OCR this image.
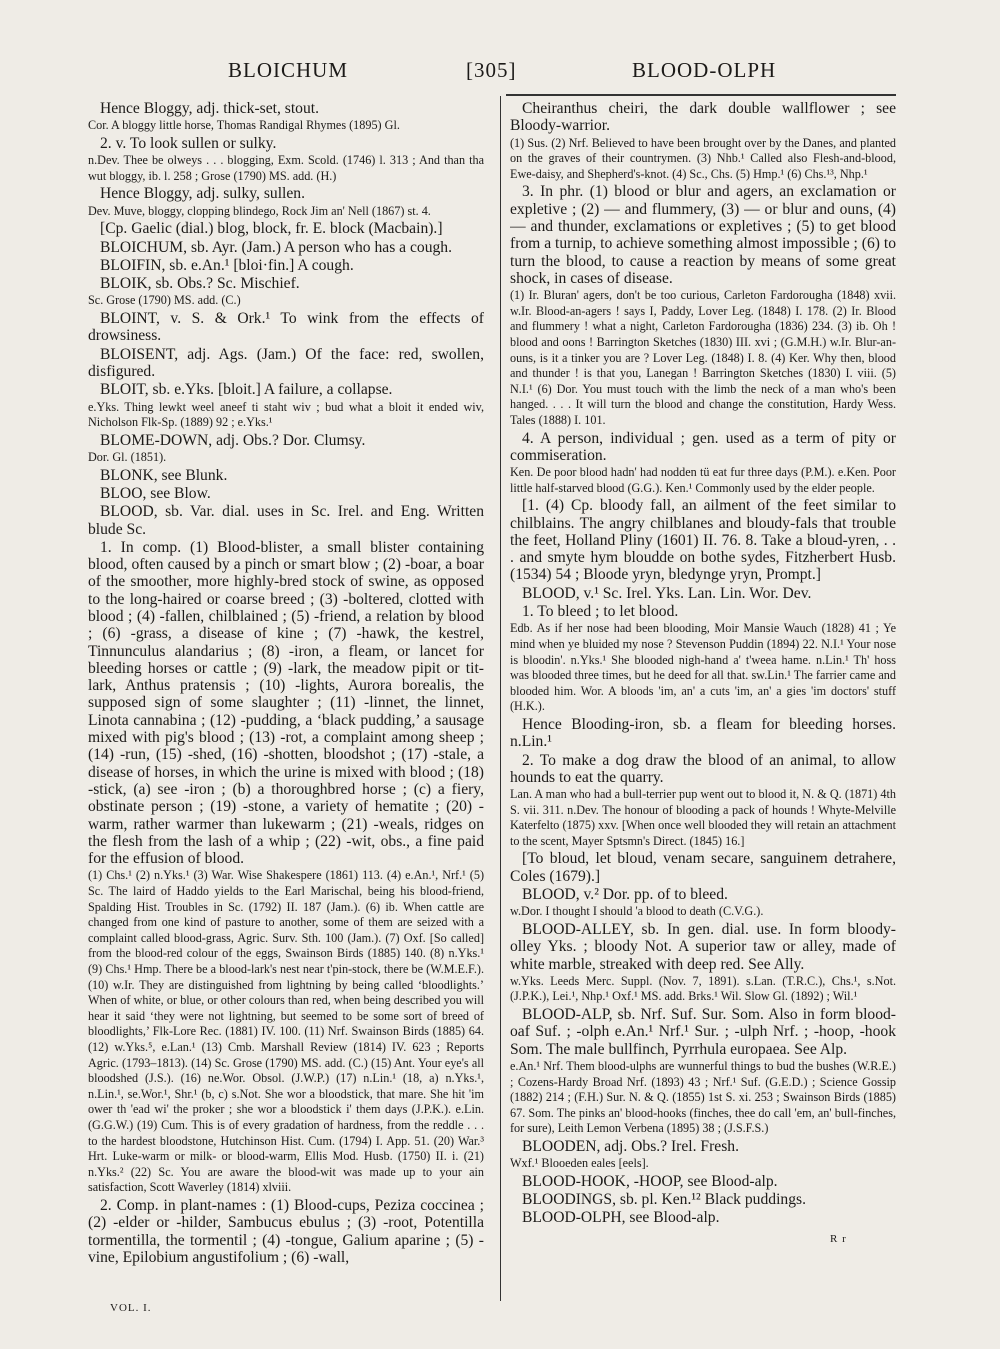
BLOICHUM	[305]	BLOOD-OLPH

Hence Bloggy, adj. thick-set, stout.

Cor. A bloggy little horse, Thomas Randigal Rhymes (1895) Gl.

2. v. To look sullen or sulky.

n.Dev. Thee be olweys . . . blogging, Exm. Scold. (1746) l. 313 ; And than tha wut bloggy, ib. l. 258 ; Grose (1790) MS. add. (H.)

Hence Bloggy, adj. sulky, sullen.

Dev. Muve, bloggy, clopping blindego, Rock Jim an' Nell (1867) st. 4.

[Cp. Gaelic (dial.) blog, block, fr. E. block (Macbain).]

BLOICHUM, sb. Ayr. (Jam.) A person who has a cough.

BLOIFIN, sb. e.An.¹ [bloi·fin.] A cough.

BLOIK, sb. Obs.? Sc. Mischief.

Sc. Grose (1790) MS. add. (C.)

BLOINT, v. S. & Ork.¹ To wink from the effects of drowsiness.

BLOISENT, adj. Ags. (Jam.) Of the face: red, swollen, disfigured.

BLOIT, sb. e.Yks. [bloit.] A failure, a collapse.

e.Yks. Thing lewkt weel aneef ti staht wiv ; bud what a bloit it ended wiv, Nicholson Flk-Sp. (1889) 92 ; e.Yks.¹

BLOME-DOWN, adj. Obs.? Dor. Clumsy.

Dor. Gl. (1851).

BLONK, see Blunk.

BLOO, see Blow.

BLOOD, sb. Var. dial. uses in Sc. Irel. and Eng. Written blude Sc.

1. In comp. (1) Blood-blister, a small blister containing blood, often caused by a pinch or smart blow ; (2) -boar, a boar of the smoother, more highly-bred stock of swine, as opposed to the long-haired or coarse breed ; (3) -boltered, clotted with blood ; (4) -fallen, chilblained ; (5) -friend, a relation by blood ; (6) -grass, a disease of kine ; (7) -hawk, the kestrel, Tinnunculus alandarius ; (8) -iron, a fleam, or lancet for bleeding horses or cattle ; (9) -lark, the meadow pipit or tit-lark, Anthus pratensis ; (10) -lights, Aurora borealis, the supposed sign of some slaughter ; (11) -linnet, the linnet, Linota cannabina ; (12) -pudding, a ‘black pudding,’ a sausage mixed with pig's blood ; (13) -rot, a complaint among sheep ; (14) -run, (15) -shed, (16) -shotten, bloodshot ; (17) -stale, a disease of horses, in which the urine is mixed with blood ; (18) -stick, (a) see -iron ; (b) a thoroughbred horse ; (c) a fiery, obstinate person ; (19) -stone, a variety of hematite ; (20) -warm, rather warmer than lukewarm ; (21) -weals, ridges on the flesh from the lash of a whip ; (22) -wit, obs., a fine paid for the effusion of blood.

(1) Chs.¹ (2) n.Yks.¹ (3) War. Wise Shakespere (1861) 113. (4) e.An.¹, Nrf.¹ (5) Sc. The laird of Haddo yields to the Earl Marischal, being his blood-friend, Spalding Hist. Troubles in Sc. (1792) II. 187 (Jam.). (6) ib. When cattle are changed from one kind of pasture to another, some of them are seized with a complaint called blood-grass, Agric. Surv. Sth. 100 (Jam.). (7) Oxf. [So called] from the blood-red colour of the eggs, Swainson Birds (1885) 140. (8) n.Yks.¹ (9) Chs.¹ Hmp. There be a blood-lark's nest near t'pin-stock, there be (W.M.E.F.). (10) w.Ir. They are distinguished from lightning by being called ‘bloodlights.’ When of white, or blue, or other colours than red, when being described you will hear it said ‘they were not lightning, but seemed to be some sort of breed of bloodlights,’ Flk-Lore Rec. (1881) IV. 100. (11) Nrf. Swainson Birds (1885) 64. (12) w.Yks.⁵, e.Lan.¹ (13) Cmb. Marshall Review (1814) IV. 623 ; Reports Agric. (1793–1813). (14) Sc. Grose (1790) MS. add. (C.) (15) Ant. Your eye's all bloodshed (J.S.). (16) ne.Wor. Obsol. (J.W.P.) (17) n.Lin.¹ (18, a) n.Yks.¹, n.Lin.¹, se.Wor.¹, Shr.¹ (b, c) s.Not. She wor a bloodstick, that mare. She hit 'im ower th 'ead wi' the proker ; she wor a bloodstick i' them days (J.P.K.). e.Lin. (G.G.W.) (19) Cum. This is of every gradation of hardness, from the reddle . . . to the hardest bloodstone, Hutchinson Hist. Cum. (1794) I. App. 51. (20) War.³ Hrt. Luke-warm or milk- or blood-warm, Ellis Mod. Husb. (1750) II. i. (21) n.Yks.² (22) Sc. You are aware the blood-wit was made up to your ain satisfaction, Scott Waverley (1814) xlviii.

2. Comp. in plant-names : (1) Blood-cups, Peziza coccinea ; (2) -elder or -hilder, Sambucus ebulus ; (3) -root, Potentilla tormentilla, the tormentil ; (4) -tongue, Galium aparine ; (5) -vine, Epilobium angustifolium ; (6) -wall,

Cheiranthus cheiri, the dark double wallflower ; see Bloody-warrior.

(1) Sus. (2) Nrf. Believed to have been brought over by the Danes, and planted on the graves of their countrymen. (3) Nhb.¹ Called also Flesh-and-blood, Ewe-daisy, and Shepherd's-knot. (4) Sc., Chs. (5) Hmp.¹ (6) Chs.¹³, Nhp.¹

3. In phr. (1) blood or blur and agers, an exclamation or expletive ; (2) — and flummery, (3) — or blur and ouns, (4) — and thunder, exclamations or expletives ; (5) to get blood from a turnip, to achieve something almost impossible ; (6) to turn the blood, to cause a reaction by means of some great shock, in cases of disease.

(1) Ir. Bluran' agers, don't be too curious, Carleton Fardorougha (1848) xvii. w.Ir. Blood-an-agers ! says I, Paddy, Lover Leg. (1848) I. 178. (2) Ir. Blood and flummery ! what a night, Carleton Fardorougha (1836) 234. (3) ib. Oh ! blood and oons ! Barrington Sketches (1830) III. xvi ; (G.M.H.) w.Ir. Blur-an-ouns, is it a tinker you are ? Lover Leg. (1848) I. 8. (4) Ker. Why then, blood and thunder ! is that you, Lanegan ! Barrington Sketches (1830) I. viii. (5) N.I.¹ (6) Dor. You must touch with the limb the neck of a man who's been hanged. . . . It will turn the blood and change the constitution, Hardy Wess. Tales (1888) I. 101.

4. A person, individual ; gen. used as a term of pity or commiseration.

Ken. De poor blood hadn' had nodden tü eat fur three days (P.M.). e.Ken. Poor little half-starved blood (G.G.). Ken.¹ Commonly used by the elder people.

[1. (4) Cp. bloody fall, an ailment of the feet similar to chilblains. The angry chilblanes and bloudy-fals that trouble the feet, Holland Pliny (1601) II. 76. 8. Take a bloud-yren, . . . and smyte hym bloudde on bothe sydes, Fitzherbert Husb. (1534) 54 ; Bloode yryn, bledynge yryn, Prompt.]

BLOOD, v.¹ Sc. Irel. Yks. Lan. Lin. Wor. Dev.

1. To bleed ; to let blood.

Edb. As if her nose had been blooding, Moir Mansie Wauch (1828) 41 ; Ye mind when ye bluided my nose ? Stevenson Puddin (1894) 22. N.I.¹ Your nose is bloodin'. n.Yks.¹ She blooded nigh-hand a' t'weea hame. n.Lin.¹ Th' hoss was blooded three times, but he deed for all that. sw.Lin.¹ The farrier came and blooded him. Wor. A bloods 'im, an' a cuts 'im, an' a gies 'im doctors' stuff (H.K.).

Hence Blooding-iron, sb. a fleam for bleeding horses. n.Lin.¹

2. To make a dog draw the blood of an animal, to allow hounds to eat the quarry.

Lan. A man who had a bull-terrier pup went out to blood it, N. & Q. (1871) 4th S. vii. 311. n.Dev. The honour of blooding a pack of hounds ! Whyte-Melville Katerfelto (1875) xxv. [When once well blooded they will retain an attachment to the scent, Mayer Sptsmn's Direct. (1845) 16.]

[To bloud, let bloud, venam secare, sanguinem detrahere, Coles (1679).]

BLOOD, v.² Dor. pp. of to bleed.

w.Dor. I thought I should 'a blood to death (C.V.G.).

BLOOD-ALLEY, sb. In gen. dial. use. In form bloody-olley Yks. ; bloody Not. A superior taw or alley, made of white marble, streaked with deep red. See Ally.

w.Yks. Leeds Merc. Suppl. (Nov. 7, 1891). s.Lan. (T.R.C.), Chs.¹, s.Not. (J.P.K.), Lei.¹, Nhp.¹ Oxf.¹ MS. add. Brks.¹ Wil. Slow Gl. (1892) ; Wil.¹

BLOOD-ALP, sb. Nrf. Suf. Sur. Som. Also in form blood-oaf Suf. ; -olph e.An.¹ Nrf.¹ Sur. ; -ulph Nrf. ; -hoop, -hook Som. The male bullfinch, Pyrrhula europaea. See Alp.

e.An.¹ Nrf. Them blood-ulphs are wunnerful things to bud the bushes (W.R.E.) ; Cozens-Hardy Broad Nrf. (1893) 43 ; Nrf.¹ Suf. (G.E.D.) ; Science Gossip (1882) 214 ; (F.H.) Sur. N. & Q. (1855) 1st S. xi. 253 ; Swainson Birds (1885) 67. Som. The pinks an' blood-hooks (finches, thee do call 'em, an' bull-finches, for sure), Leith Lemon Verbena (1895) 38 ; (J.S.F.S.)

BLOODEN, adj. Obs.? Irel. Fresh.

Wxf.¹ Blooeden eales [eels].

BLOOD-HOOK, -HOOP, see Blood-alp.

BLOODINGS, sb. pl. Ken.¹² Black puddings.

BLOOD-OLPH, see Blood-alp.

VOL. I.
R r
